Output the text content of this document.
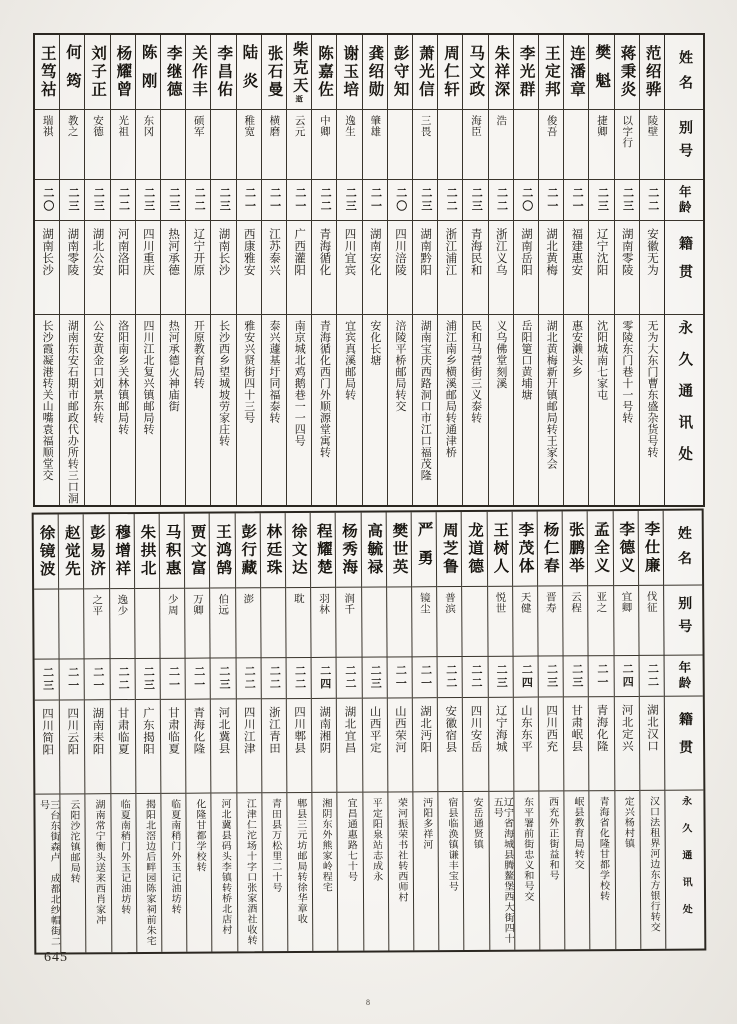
姓名
别号
年龄
籍贯
永久通讯处
范绍骅
陵壁
二二
安徽无为
无为大东门曹东盛杂货号转
蒋秉炎
以字行
二三
湖南零陵
零陵东门巷十一号转
樊魁
捷卿
二三
辽宁沈阳
沈阳城南七家屯
连潘章
二一
福建惠安
惠安濑头乡
王定邦
俊吾
二一
湖北黄梅
湖北黄梅新开镇邮局转王家会
李光群
二〇
湖南岳阳
岳阳筻口黄埔塘
朱祥深
浩
二二
浙江义乌
义乌佛堂刻溪
马文政
海臣
二三
青海民和
民和马营街三义泰转
周仁轩
二二
浙江浦江
浦江南乡横溪邮局转通津桥
萧光信
三畏
二三
湖南黔阳
湖南宝庆西路洞口市江口福茂隆
彭守知
二〇
四川涪陵
涪陵平桥邮局转交
龚绍勋
肇雄
二一
湖南安化
安化长塘
谢玉培
逸生
二三
四川宜宾
宜宾真溪邮局转
陈嘉佐
中卿
二二
青海循化
青海循化西门外顺源堂寓转
柴克天逝
云元
二一
广西灌阳
南京城北鸡鹅巷一一四号
张石曼
横磨
二一
江苏泰兴
泰兴蘧基圩同福泰转
陆炎
稚宽
二一
西康雅安
雅安兴贤街四十三号
李昌佑
二三
湖南长沙
长沙西乡望城坡劳家庄转
关作丰
硕军
二二
辽宁开原
开原教育局转
李继德
二三
热河承德
热河承德火神庙街
陈刚
东冈
二三
四川重庆
四川江北复兴镇邮局转
杨耀曾
光祖
二二
河南洛阳
洛阳南乡关林镇邮局转
刘子正
安德
二三
湖北公安
公安黄金口刘景东转
何筠
教之
二三
湖南零陵
湖南东安石期市邮政代办所转三口洞
王笃祜
瑞祺
二〇
湖南长沙
长沙霞凝港转关山嘴袁福顺堂交
姓名
别号
年龄
籍贯
永久通讯处
李仕廉
伐征
二二
湖北汉口
汉口法租界河边东方银行转交
李德义
宜卿
二四
河北定兴
定兴杨村镇
孟全义
亚之
二一
青海化隆
青海省化隆甘都学校转
张鹏举
云程
二三
甘肃岷县
岷县教育局转交
杨仁春
晋寿
二三
四川西充
西充外正街益和号
李茂体
天健
二四
山东东平
东平署前街忠义和号交
王树人
悦世
二三
辽宁海城
辽宁省海城县腾鳌堡西大街四十五号
龙道德
二二
四川安岳
安岳通贤镇
周芝鲁
普滨
二二
安徽宿县
宿县临涣镇谦丰宝号
严勇
镜尘
二一
湖北沔阳
沔阳多祥河
樊世英
二一
山西荣河
荣河振荣书社转西师村
高毓禄
二三
山西平定
平定阳泉站志成永
杨秀海
润千
二二
湖北宜昌
宜昌通惠路七十号
程耀楚
羽林
二四
湖南湘阴
湘阴东外熊家岭程宅
徐文达
耽
二二
四川郫县
郫县三元坊邮局转徐华章收
林廷珠
二二
浙江青田
青田县万松里二十号
彭行藏
澎
二二
四川江津
江津仁沱场十字口张家酒社收转
王鸿鹄
伯远
二三
河北冀县
河北冀县码头李镇转桥北店村
贾文富
万卿
二一
青海化隆
化隆甘都学校转
马积惠
少周
二一
甘肃临夏
临夏南稍门外玉记油坊转
朱拱北
二三
广东揭阳
揭阳北滘边后畔园陈家祠前朱宅
穆增祥
逸少
二二
甘肃临夏
临夏南稍门外玉记油坊转
彭易济
之平
二一
湖南耒阳
湖南常宁衡头送来西肖家冲
赵觉先
二一
四川云阳
云阳沙沱镇邮局转
徐镜波
二三
四川简阳
三台东街森卢　成都北纱帽街二号
645
8
